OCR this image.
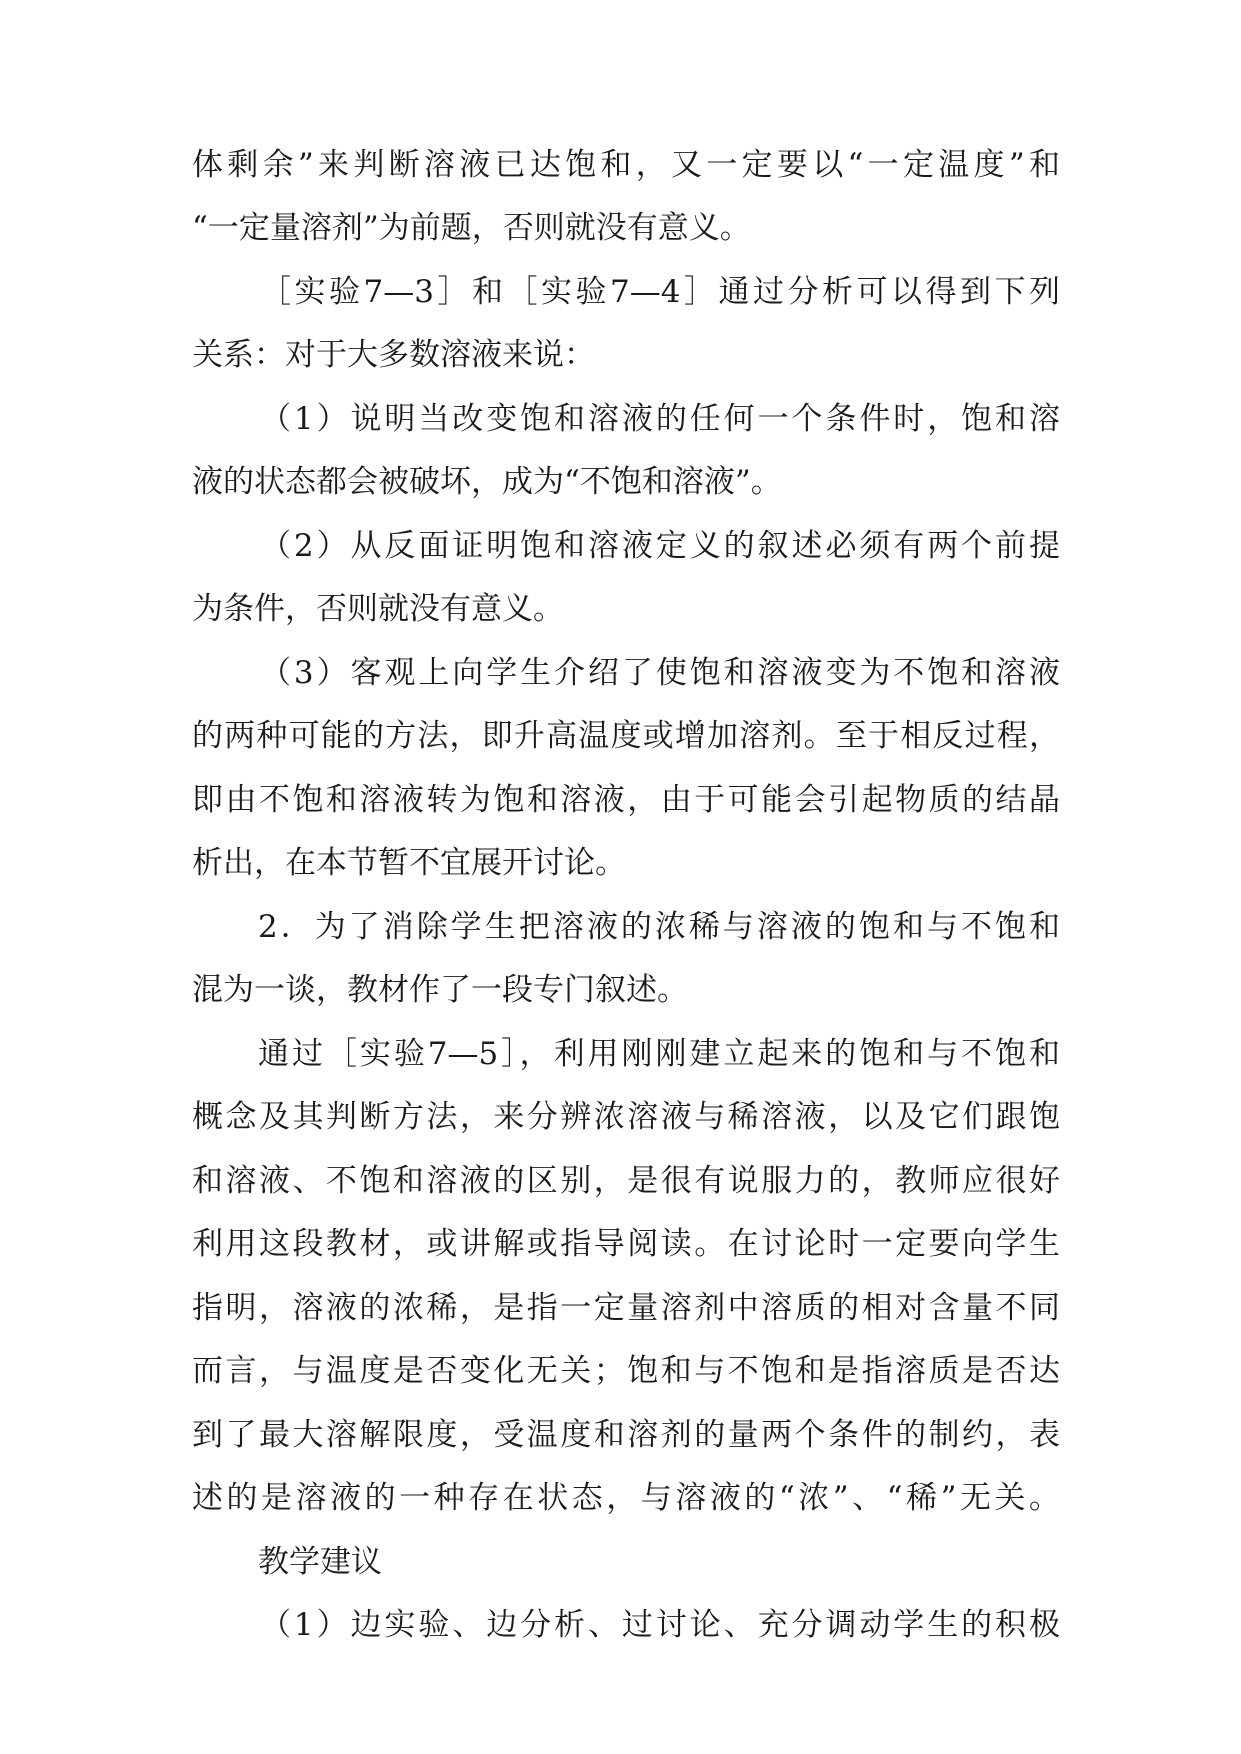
体剩余”来判断溶液已达饱和，又一定要以“一定温度”和
“一定量溶剂”为前题，否则就没有意义。
［实验7—3］和［实验7—4］通过分析可以得到下列
关系：对于大多数溶液来说：
（1）说明当改变饱和溶液的任何一个条件时，饱和溶
液的状态都会被破坏，成为“不饱和溶液”。
（2）从反面证明饱和溶液定义的叙述必须有两个前提
为条件，否则就没有意义。
（3）客观上向学生介绍了使饱和溶液变为不饱和溶液
的两种可能的方法，即升高温度或增加溶剂。至于相反过程，
即由不饱和溶液转为饱和溶液，由于可能会引起物质的结晶
析出，在本节暂不宜展开讨论。
2．为了消除学生把溶液的浓稀与溶液的饱和与不饱和
混为一谈，教材作了一段专门叙述。
通过［实验7—5］，利用刚刚建立起来的饱和与不饱和
概念及其判断方法，来分辨浓溶液与稀溶液，以及它们跟饱
和溶液、不饱和溶液的区别，是很有说服力的，教师应很好
利用这段教材，或讲解或指导阅读。在讨论时一定要向学生
指明，溶液的浓稀，是指一定量溶剂中溶质的相对含量不同
而言，与温度是否变化无关；饱和与不饱和是指溶质是否达
到了最大溶解限度，受温度和溶剂的量两个条件的制约，表
述的是溶液的一种存在状态，与溶液的“浓”、“稀”无关。
教学建议
（1）边实验、边分析、过讨论、充分调动学生的积极
